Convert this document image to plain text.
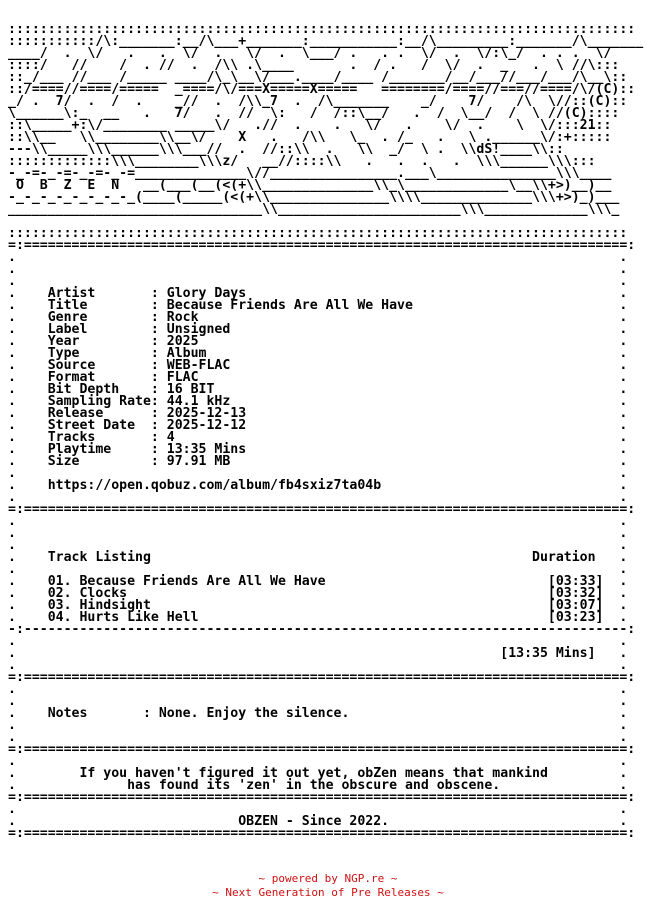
:::::::::::::::::::::::::::::::::::::::::::::::::::::::::::::::::::::::::::::::
:::::::::::/\:_______:__/\___+_______:___________:__/\_________:_______/\_______
____/  .  \/   .   .  \/  .   \/  .  \___/ .   . .  \/  .  \/:\_/  . . .  \/
::::/   //    /  . //  .  /\\ .\____       .  / .   /  \/  .  _   .  \ //\:::
::_/___ //___ /_____ ____/\_\__\/___.____/____ /_______/__/___//___/___/\__\::
::/====//====/=====  _====/\/===X=====X=====   ========/====//===//====/\/(C)::
_/ .  7/  .  /  .    _//  .  /\\_7  .  /\_______    _/    7/    /\  \//::(C)::
\______\:_  __   .   7/   .  //  \:   /  /::\__/   .  /  \__/  /  \ //(C)::::
::\_____+:\/________ _____\/   .//  .    .   \/   .    \/  .    \  \/:::21::
::\\__   \\________\\__\/    X   .   /\\   \_  . /_   .   \ .______\/:+:::::
---\\_____\\\______\\\___//  .  //::\\  .   \\  _/  \ .  \\dS!____\\::
:::::::::::::\\\________\\\z/   __//::::\\   .   .  .   .  \\\______\\\:::
-_-=-_-=-_-=-_-=______________\//________________.___\_______________\\\____
O  B  Z  E  N   __(___(__(<(+\\______________\\_\_____________\__\\+>)__)__
-_-_-_-_-_-_-_-_(____(_____(<(+\\_______________\\\\______________\\\+>)_)___
________________________________\\_______________________\\\_____________\\\_
::::::::::::::::::::::::::::::::::::::::::::::::::::::::::::::::::::::::::::::
=:============================================================================:
.                                                                            .
.                                                                            .
.                                                                            .
.    Artist       : Glory Days                                               .
.    Title        : Because Friends Are All We Have                          .
.    Genre        : Rock                                                     .
.    Label        : Unsigned                                                 .
.    Year         : 2025                                                     .
.    Type         : Album                                                    .
.    Source       : WEB-FLAC                                                 .
.    Format       : FLAC                                                     .
.    Bit Depth    : 16 BIT                                                   .
.    Sampling Rate: 44.1 kHz                                                 .
.    Release      : 2025-12-13                                               .
.    Street Date  : 2025-12-12                                               .
.    Tracks       : 4                                                        .
.    Playtime     : 13:35 Mins                                               .
.    Size         : 97.91 MB                                                 .
.                                                                            .
.    https://open.qobuz.com/album/fb4sxiz7ta04b                              .
.                                                                            .
=:============================================================================:
.                                                                            .
.                                                                            .
.                                                                            .
.    Track Listing                                                Duration   .
.                                                                            .
.    01. Because Friends Are All We Have                            [03:33]  .
.    02. Clocks                                                     [03:32]  .
.    03. Hindsight                                                  [03:07]  .
.    04. Hurts Like Hell                                            [03:23]  .
-:----------------------------------------------------------------------------:
.                                                                            .
.                                                             [13:35 Mins]   .
.                                                                            .
=:============================================================================:
.                                                                            .
.                                                                            .
.    Notes       : None. Enjoy the silence.                                  .
.                                                                            .
.                                                                            .
=:============================================================================:
.                                                                            .
.        If you haven't figured it out yet, obZen means that mankind         .
.              has found its 'zen' in the obscure and obscene.               .
=:============================================================================:
.                                                                            .
.                            OBZEN - Since 2022.                             .
=:============================================================================:
~ powered by NGP.re ~
~ Next Generation of Pre Releases ~
